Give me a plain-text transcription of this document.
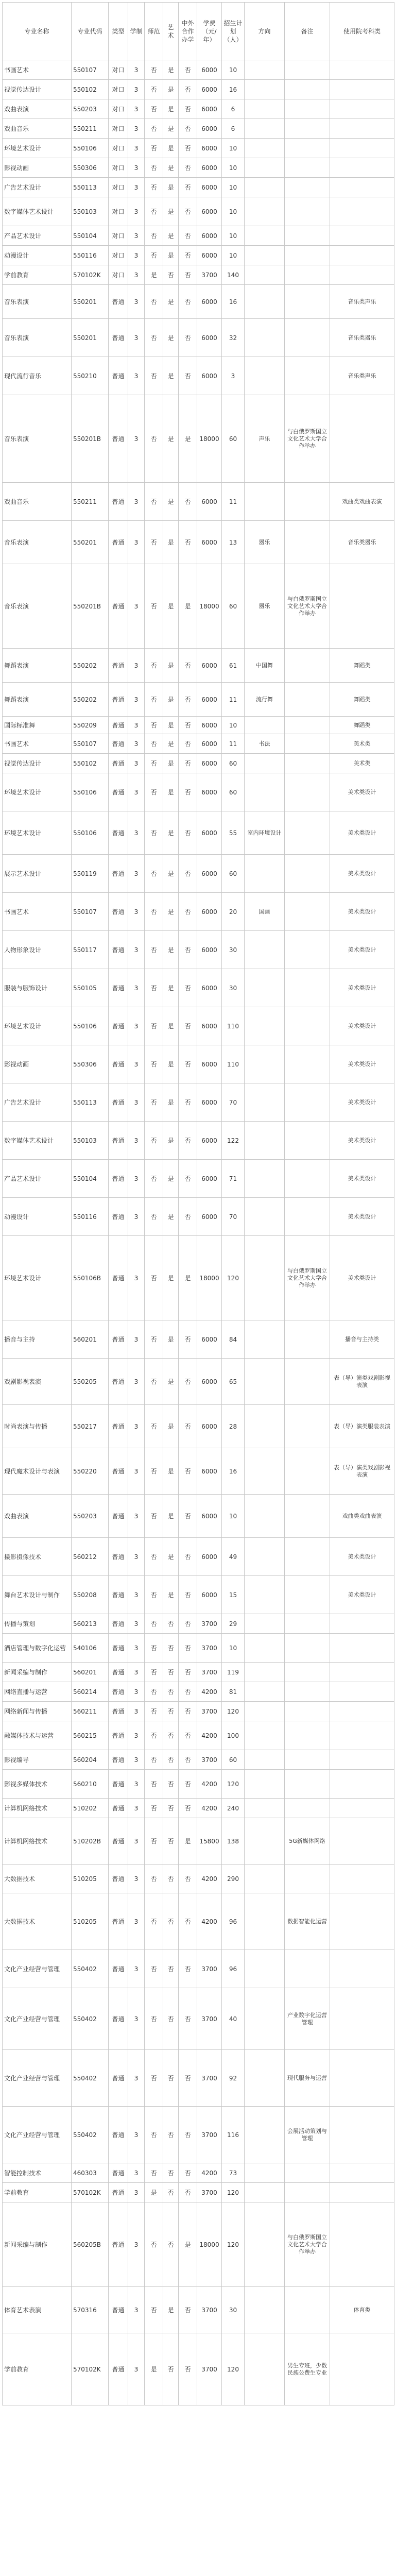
专业名称	专业代码	类型	学制	师范	艺术	中外合作办学	学费（元/年）	招生计划（人）	方向	备注	使用院考科类
书画艺术	550107	对口	3	否	是	否	6000	10			
视觉传达设计	550102	对口	3	否	是	否	6000	16			
戏曲表演	550203	对口	3	否	是	否	6000	6			
戏曲音乐	550211	对口	3	否	是	否	6000	6			
环境艺术设计	550106	对口	3	否	是	否	6000	10			
影视动画	550306	对口	3	否	是	否	6000	10			
广告艺术设计	550113	对口	3	否	是	否	6000	10			
数字媒体艺术设计	550103	对口	3	否	是	否	6000	10			
产品艺术设计	550104	对口	3	否	是	否	6000	10			
动漫设计	550116	对口	3	否	是	否	6000	10			
学前教育	570102K	对口	3	是	否	否	3700	140			
音乐表演	550201	普通	3	否	是	否	6000	16			音乐类声乐
音乐表演	550201	普通	3	否	是	否	6000	32			音乐类器乐
现代流行音乐	550210	普通	3	否	是	否	6000	3			音乐类声乐
音乐表演	550201B	普通	3	否	是	是	18000	60	声乐	与白俄罗斯国立文化艺术大学合作举办	
戏曲音乐	550211	普通	3	否	是	否	6000	11			戏曲类戏曲表演
音乐表演	550201	普通	3	否	是	否	6000	13	器乐		音乐类器乐
音乐表演	550201B	普通	3	否	是	是	18000	60	器乐	与白俄罗斯国立文化艺术大学合作举办	
舞蹈表演	550202	普通	3	否	是	否	6000	61	中国舞		舞蹈类
舞蹈表演	550202	普通	3	否	是	否	6000	11	流行舞		舞蹈类
国际标准舞	550209	普通	3	否	是	否	6000	10			舞蹈类
书画艺术	550107	普通	3	否	是	否	6000	11	书法		美术类
视觉传达设计	550102	普通	3	否	是	否	6000	60			美术类
环境艺术设计	550106	普通	3	否	是	否	6000	60			美术类设计
环境艺术设计	550106	普通	3	否	是	否	6000	55	室内环境设计		美术类设计
展示艺术设计	550119	普通	3	否	是	否	6000	60			美术类设计
书画艺术	550107	普通	3	否	是	否	6000	20	国画		美术类设计
人物形象设计	550117	普通	3	否	是	否	6000	30			美术类设计
服装与服饰设计	550105	普通	3	否	是	否	6000	30			美术类设计
环境艺术设计	550106	普通	3	否	是	否	6000	110			美术类设计
影视动画	550306	普通	3	否	是	否	6000	110			美术类设计
广告艺术设计	550113	普通	3	否	是	否	6000	70			美术类设计
数字媒体艺术设计	550103	普通	3	否	是	否	6000	122			美术类设计
产品艺术设计	550104	普通	3	否	是	否	6000	71			美术类设计
动漫设计	550116	普通	3	否	是	否	6000	70			美术类设计
环境艺术设计	550106B	普通	3	否	是	是	18000	120		与白俄罗斯国立文化艺术大学合作举办	美术类设计
播音与主持	560201	普通	3	否	是	否	6000	84			播音与主持类
戏剧影视表演	550205	普通	3	否	是	否	6000	65			表（导）演类戏剧影视表演
时尚表演与传播	550217	普通	3	否	是	否	6000	28			表（导）演类服装表演
现代魔术设计与表演	550220	普通	3	否	是	否	6000	16			表（导）演类戏剧影视表演
戏曲表演	550203	普通	3	否	是	否	6000	10			戏曲类戏曲表演
摄影摄像技术	560212	普通	3	否	是	否	6000	49			美术类设计
舞台艺术设计与制作	550208	普通	3	否	是	否	6000	15			美术类设计
传播与策划	560213	普通	3	否	否	否	3700	29			
酒店管理与数字化运营	540106	普通	3	否	否	否	3700	10			
新闻采编与制作	560201	普通	3	否	否	否	3700	119			
网络直播与运营	560214	普通	3	否	否	否	4200	81			
网络新闻与传播	560211	普通	3	否	否	否	3700	120			
融媒体技术与运营	560215	普通	3	否	否	否	4200	100			
影视编导	560204	普通	3	否	否	否	3700	60			
影视多媒体技术	560210	普通	3	否	否	否	4200	120			
计算机网络技术	510202	普通	3	否	否	否	4200	240			
计算机网络技术	510202B	普通	3	否	否	是	15800	138		5G新媒体网络	
大数据技术	510205	普通	3	否	否	否	4200	290			
大数据技术	510205	普通	3	否	否	否	4200	96		数据智能化运营	
文化产业经营与管理	550402	普通	3	否	否	否	3700	96			
文化产业经营与管理	550402	普通	3	否	否	否	3700	40		产业数字化运营管理	
文化产业经营与管理	550402	普通	3	否	否	否	3700	92		现代服务与运营	
文化产业经营与管理	550402	普通	3	否	否	否	3700	116		会展活动策划与管理	
智能控制技术	460303	普通	3	否	否	否	4200	73			
学前教育	570102K	普通	3	是	否	否	3700	120			
新闻采编与制作	560205B	普通	3	否	否	是	18000	120		与白俄罗斯国立文化艺术大学合作举办	
体育艺术表演	570316	普通	3	否	是	否	3700	30			体育类
学前教育	570102K	普通	3	是	否	否	3700	120		男生专班，少数民族公费生专业	
